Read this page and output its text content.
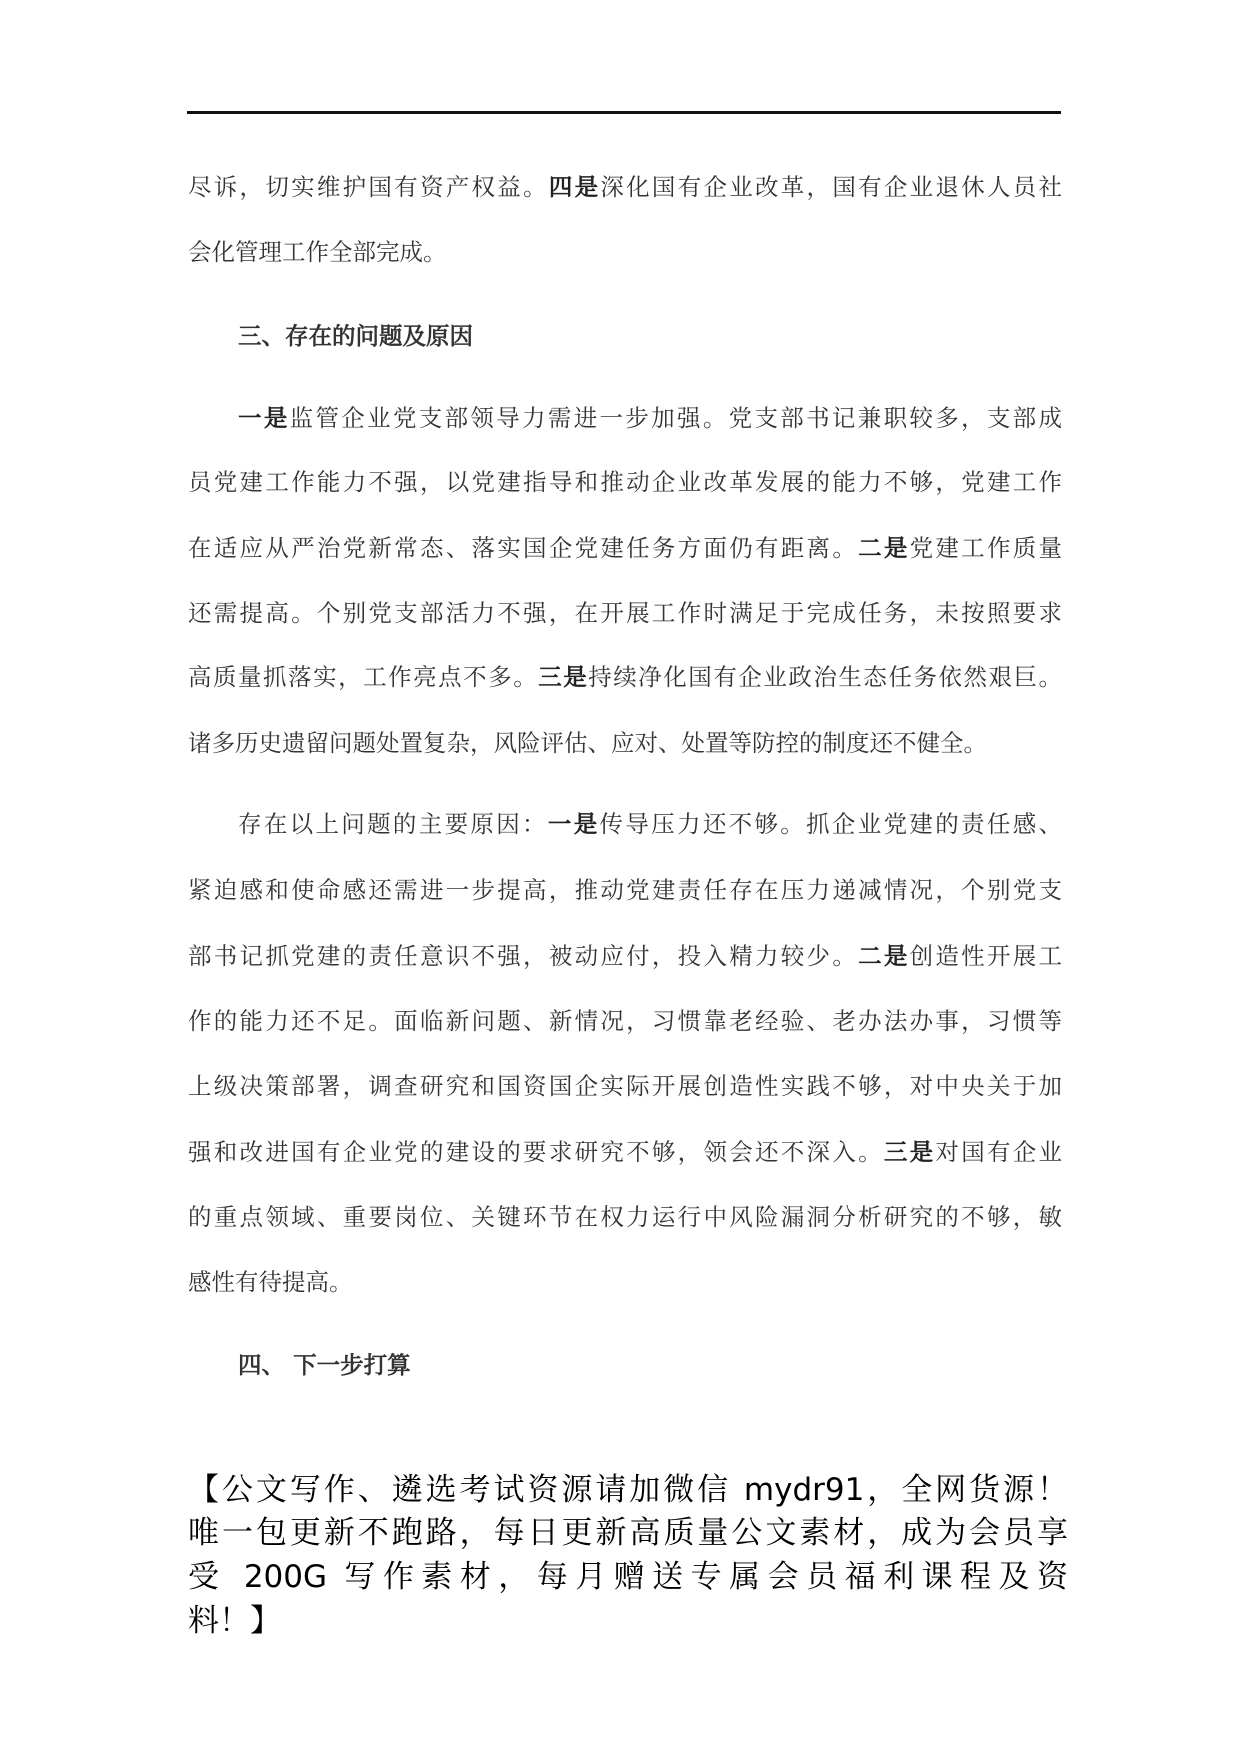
尽诉，切实维护国有资产权益。四是深化国有企业改革，国有企业退休人员社
会化管理工作全部完成。
三、存在的问题及原因
一是监管企业党支部领导力需进一步加强。党支部书记兼职较多，支部成
员党建工作能力不强，以党建指导和推动企业改革发展的能力不够，党建工作
在适应从严治党新常态、落实国企党建任务方面仍有距离。二是党建工作质量
还需提高。个别党支部活力不强，在开展工作时满足于完成任务，未按照要求
高质量抓落实，工作亮点不多。三是持续净化国有企业政治生态任务依然艰巨。
诸多历史遗留问题处置复杂，风险评估、应对、处置等防控的制度还不健全。
存在以上问题的主要原因：一是传导压力还不够。抓企业党建的责任感、
紧迫感和使命感还需进一步提高，推动党建责任存在压力递减情况，个别党支
部书记抓党建的责任意识不强，被动应付，投入精力较少。二是创造性开展工
作的能力还不足。面临新问题、新情况，习惯靠老经验、老办法办事，习惯等
上级决策部署，调查研究和国资国企实际开展创造性实践不够，对中央关于加
强和改进国有企业党的建设的要求研究不够，领会还不深入。三是对国有企业
的重点领域、重要岗位、关键环节在权力运行中风险漏洞分析研究的不够，敏
感性有待提高。
四、 下一步打算
【公文写作、遴选考试资源请加微信 mydr91，全网货源！
唯一包更新不跑路，每日更新高质量公文素材，成为会员享
受 200G 写作素材，每月赠送专属会员福利课程及资
料！】
